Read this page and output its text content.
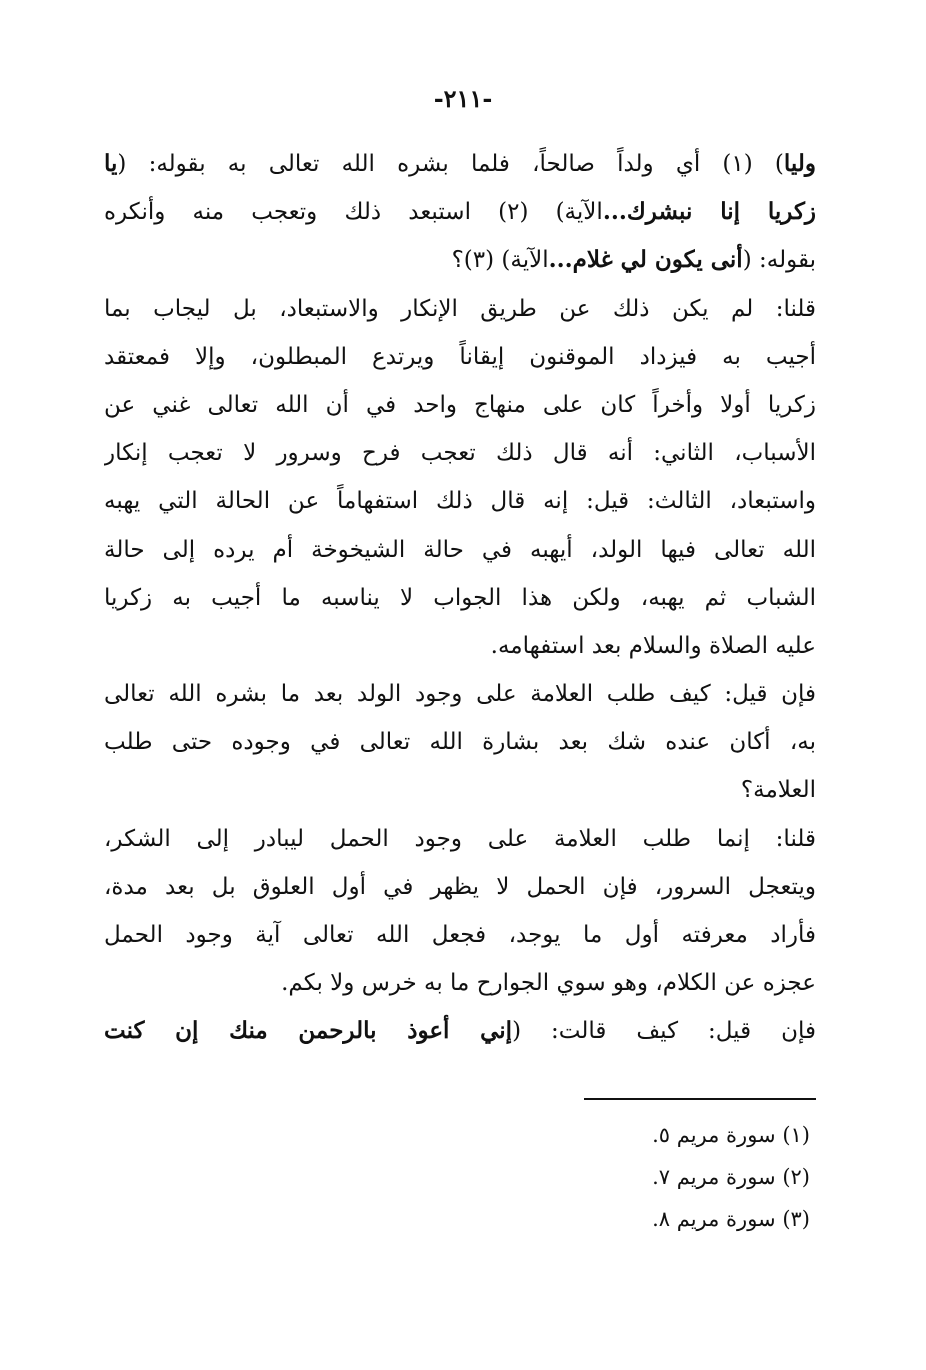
-٢١١-
وليا) (١) أي ولداً صالحاً، فلما بشره الله تعالى به بقوله: (يا
زكريا إنا نبشرك...الآية) (٢) استبعد ذلك وتعجب منه وأنكره
بقوله: (أنى يكون لي غلام...الآية) (٣)؟
قلنا: لم يكن ذلك عن طريق الإنكار والاستبعاد، بل ليجاب بما
أجيب به فيزداد الموقنون إيقاناً ويرتدع المبطلون، وإلا فمعتقد
زكريا أولا وأخراً كان على منهاج واحد في أن الله تعالى غني عن
الأسباب، الثاني: أنه قال ذلك تعجب فرح وسرور لا تعجب إنكار
واستبعاد، الثالث: قيل: إنه قال ذلك استفهاماً عن الحالة التي يهبه
الله تعالى فيها الولد، أيهبه في حالة الشيخوخة أم يرده إلى حالة
الشباب ثم يهبه، ولكن هذا الجواب لا يناسبه ما أجيب به زكريا
عليه الصلاة والسلام بعد استفهامه.
فإن قيل: كيف طلب العلامة على وجود الولد بعد ما بشره الله تعالى
به، أكان عنده شك بعد بشارة الله تعالى في وجوده حتى طلب
العلامة؟
قلنا: إنما طلب العلامة على وجود الحمل ليبادر إلى الشكر،
ويتعجل السرور، فإن الحمل لا يظهر في أول العلوق بل بعد مدة،
فأراد معرفته أول ما يوجد، فجعل الله تعالى آية وجود الحمل
عجزه عن الكلام، وهو سوي الجوارح ما به خرس ولا بكم.
فإن قيل: كيف قالت: (إني أعوذ بالرحمن منك إن كنت
(١) سورة مريم ٥.
(٢) سورة مريم ٧.
(٣) سورة مريم ٨.
